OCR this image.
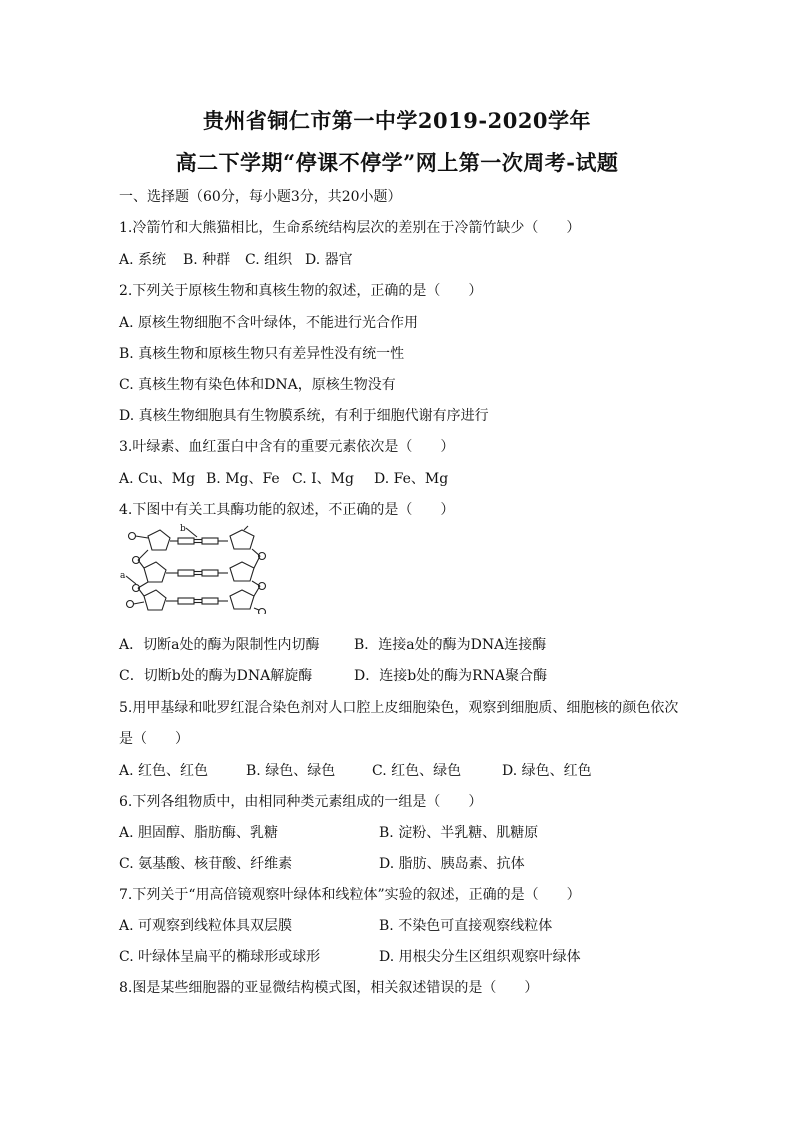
贵州省铜仁市第一中学2019-2020学年
高二下学期“停课不停学”网上第一次周考-试题
一、选择题（60分，每小题3分，共20小题）
1.冷箭竹和大熊猫相比，生命系统结构层次的差别在于冷箭竹缺少（　　）
A. 系统 B. 种群 C. 组织 D. 器官
2.下列关于原核生物和真核生物的叙述，正确的是（　　）
A. 原核生物细胞不含叶绿体，不能进行光合作用
B. 真核生物和原核生物只有差异性没有统一性
C. 真核生物有染色体和DNA，原核生物没有
D. 真核生物细胞具有生物膜系统，有利于细胞代谢有序进行
3.叶绿素、血红蛋白中含有的重要元素依次是（　　）
A. Cu、Mg B. Mg、Fe C. I、Mg D. Fe、Mg
4.下图中有关工具酶功能的叙述，不正确的是（　　）
b
a
A．切断a处的酶为限制性内切酶 B．连接a处的酶为DNA连接酶
C．切断b处的酶为DNA解旋酶	D．连接b处的酶为RNA聚合酶
5.用甲基绿和吡罗红混合染色剂对人口腔上皮细胞染色，观察到细胞质、细胞核的颜色依次
是（　　）
A. 红色、红色	B. 绿色、绿色	C. 红色、绿色	D. 绿色、红色
6.下列各组物质中，由相同种类元素组成的一组是（　　）
A. 胆固醇、脂肪酶、乳糖	B. 淀粉、半乳糖、肌糖原
C. 氨基酸、核苷酸、纤维素	D. 脂肪、胰岛素、抗体
7.下列关于“用高倍镜观察叶绿体和线粒体”实验的叙述，正确的是（　　）
A. 可观察到线粒体具双层膜	B. 不染色可直接观察线粒体
C. 叶绿体呈扁平的椭球形或球形	D. 用根尖分生区组织观察叶绿体
8.图是某些细胞器的亚显微结构模式图，相关叙述错误的是（　　）
